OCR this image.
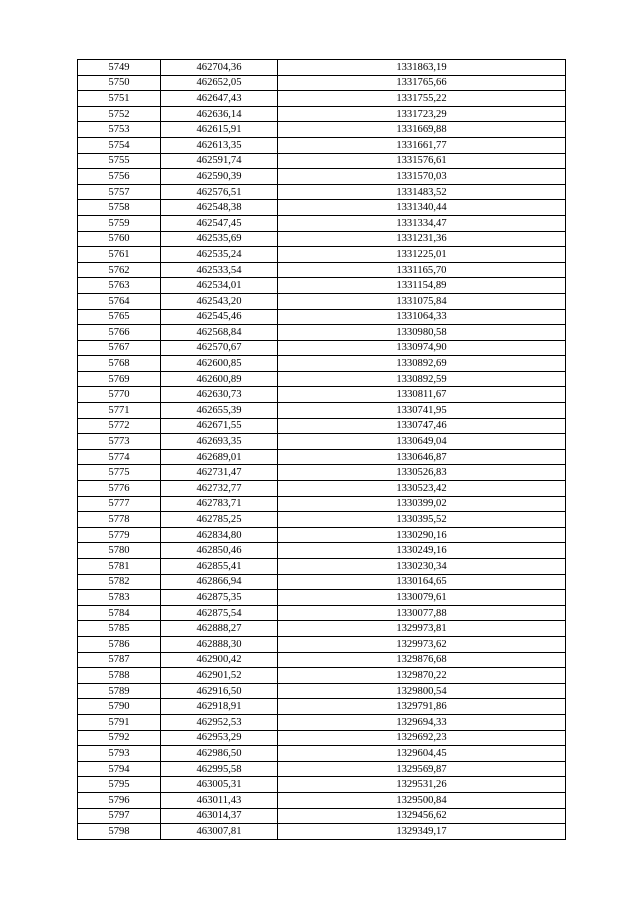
5749	462704,36	1331863,19
5750	462652,05	1331765,66
5751	462647,43	1331755,22
5752	462636,14	1331723,29
5753	462615,91	1331669,88
5754	462613,35	1331661,77
5755	462591,74	1331576,61
5756	462590,39	1331570,03
5757	462576,51	1331483,52
5758	462548,38	1331340,44
5759	462547,45	1331334,47
5760	462535,69	1331231,36
5761	462535,24	1331225,01
5762	462533,54	1331165,70
5763	462534,01	1331154,89
5764	462543,20	1331075,84
5765	462545,46	1331064,33
5766	462568,84	1330980,58
5767	462570,67	1330974,90
5768	462600,85	1330892,69
5769	462600,89	1330892,59
5770	462630,73	1330811,67
5771	462655,39	1330741,95
5772	462671,55	1330747,46
5773	462693,35	1330649,04
5774	462689,01	1330646,87
5775	462731,47	1330526,83
5776	462732,77	1330523,42
5777	462783,71	1330399,02
5778	462785,25	1330395,52
5779	462834,80	1330290,16
5780	462850,46	1330249,16
5781	462855,41	1330230,34
5782	462866,94	1330164,65
5783	462875,35	1330079,61
5784	462875,54	1330077,88
5785	462888,27	1329973,81
5786	462888,30	1329973,62
5787	462900,42	1329876,68
5788	462901,52	1329870,22
5789	462916,50	1329800,54
5790	462918,91	1329791,86
5791	462952,53	1329694,33
5792	462953,29	1329692,23
5793	462986,50	1329604,45
5794	462995,58	1329569,87
5795	463005,31	1329531,26
5796	463011,43	1329500,84
5797	463014,37	1329456,62
5798	463007,81	1329349,17
